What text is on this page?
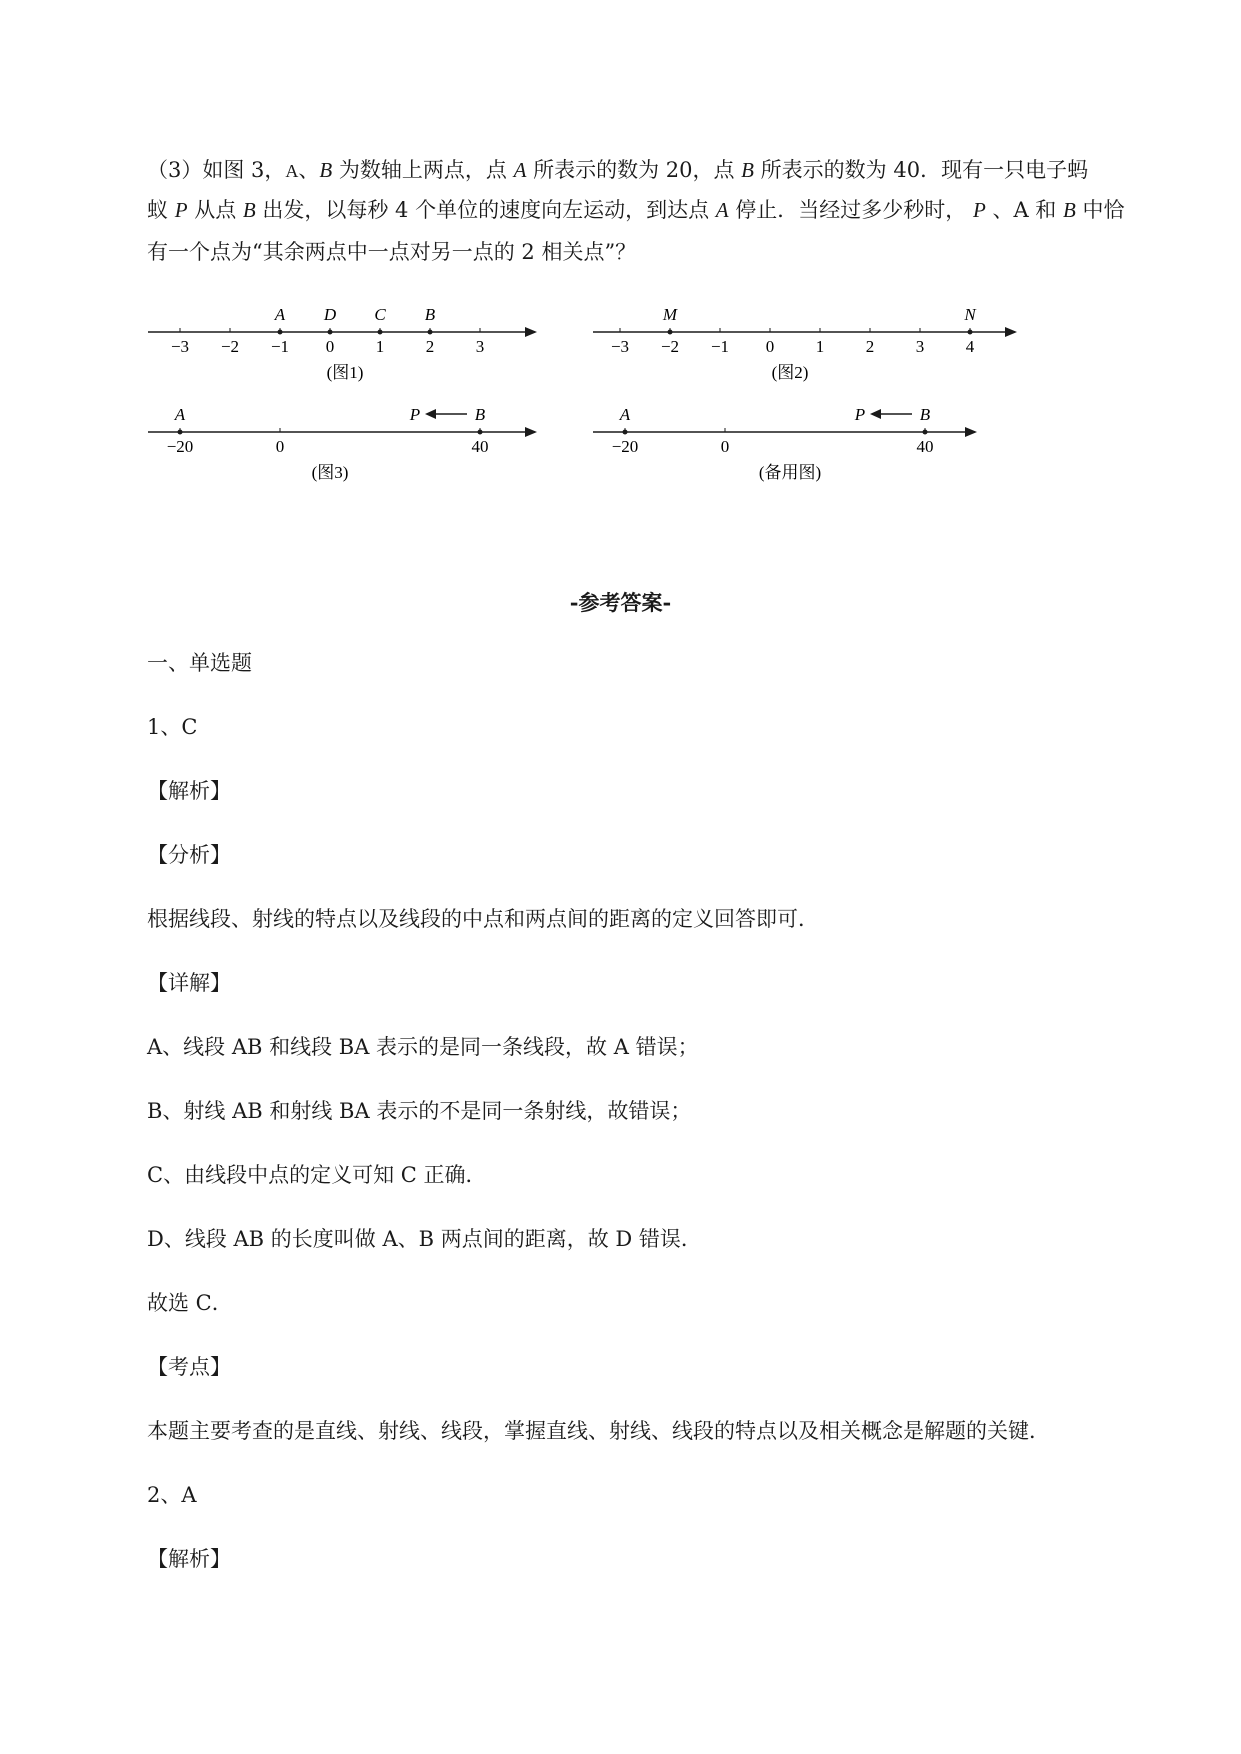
（3）如图 3，A、B 为数轴上两点，点 A 所表示的数为 20，点 B 所表示的数为 40．现有一只电子蚂
蚁 P 从点 B 出发，以每秒 4 个单位的速度向左运动，到达点 A 停止．当经过多少秒时， P 、A 和 B 中恰
有一个点为“其余两点中一点对另一点的 2 相关点”？
−3 −2 −1 0 1 2 3
A D C B
(图1)
−3 −2 −1 0 1 2 3 4
M	N
(图2)
−20	0	40
A	B
P
(图3)
−20	0	40
A	B
P
(备用图)
-参考答案-

一、单选题

1、C

【解析】

【分析】

根据线段、射线的特点以及线段的中点和两点间的距离的定义回答即可．

【详解】

A、线段 AB 和线段 BA 表示的是同一条线段，故 A 错误；

B、射线 AB 和射线 BA 表示的不是同一条射线，故错误；

C、由线段中点的定义可知 C 正确．

D、线段 AB 的长度叫做 A、B 两点间的距离，故 D 错误．

故选 C．

【考点】

本题主要考查的是直线、射线、线段，掌握直线、射线、线段的特点以及相关概念是解题的关键．

2、A

【解析】
